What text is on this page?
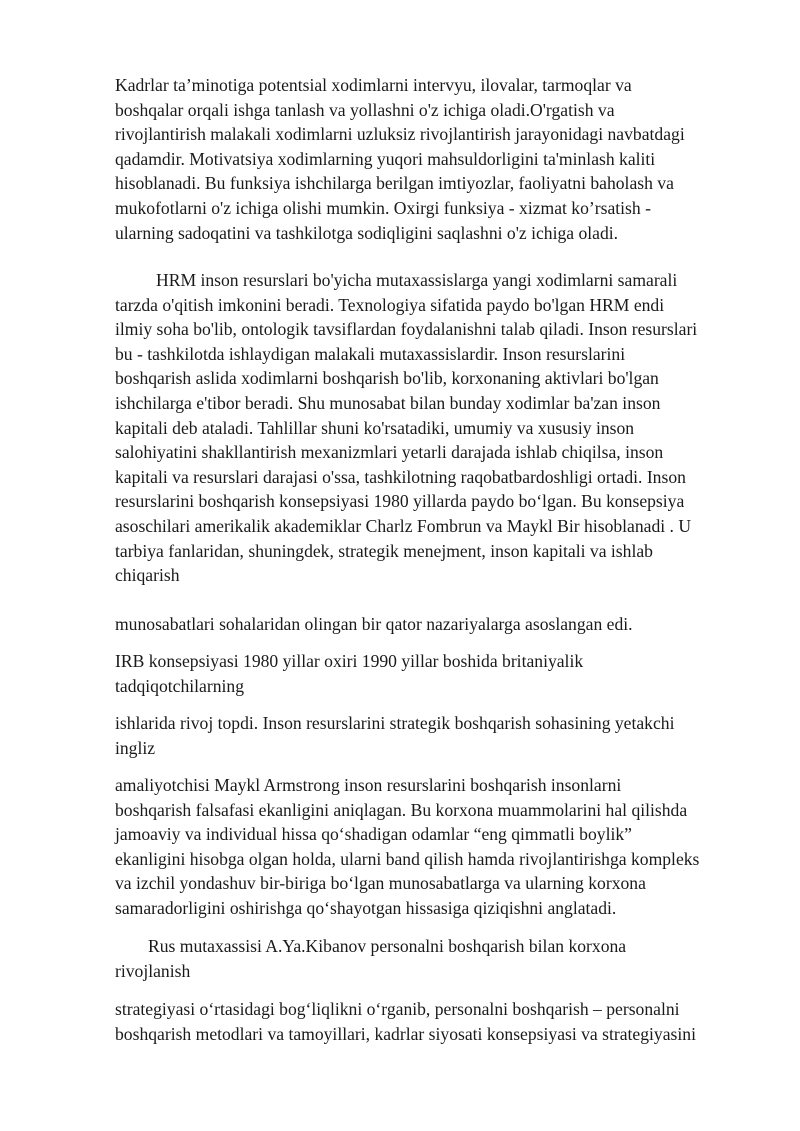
Kadrlar ta’minotiga potentsial xodimlarni intervyu, ilovalar, tarmoqlar va
boshqalar orqali ishga tanlash va yollashni o'z ichiga oladi.O'rgatish va
rivojlantirish malakali xodimlarni uzluksiz rivojlantirish jarayonidagi navbatdagi
qadamdir. Motivatsiya xodimlarning yuqori mahsuldorligini ta'minlash kaliti
hisoblanadi. Bu funksiya ishchilarga berilgan imtiyozlar, faoliyatni baholash va
mukofotlarni o'z ichiga olishi mumkin. Oxirgi funksiya - xizmat ko’rsatish -
ularning sadoqatini va tashkilotga sodiqligini saqlashni o'z ichiga oladi.
HRM inson resurslari bo'yicha mutaxassislarga yangi xodimlarni samarali
tarzda o'qitish imkonini beradi. Texnologiya sifatida paydo bo'lgan HRM endi
ilmiy soha bo'lib, ontologik tavsiflardan foydalanishni talab qiladi. Inson resurslari
bu - tashkilotda ishlaydigan malakali mutaxassislardir. Inson resurslarini
boshqarish aslida xodimlarni boshqarish bo'lib, korxonaning aktivlari bo'lgan
ishchilarga e'tibor beradi. Shu munosabat bilan bunday xodimlar ba'zan inson
kapitali deb ataladi. Tahlillar shuni ko'rsatadiki, umumiy va xususiy inson
salohiyatini shakllantirish mexanizmlari yetarli darajada ishlab chiqilsa, inson
kapitali va resurslari darajasi o'ssa, tashkilotning raqobatbardoshligi ortadi. Inson
resurslarini boshqarish konsepsiyasi 1980 yillarda paydo bo‘lgan. Bu konsepsiya
asoschilari amerikalik akademiklar Charlz Fombrun va Maykl Bir hisoblanadi . U
tarbiya fanlaridan, shuningdek, strategik menejment, inson kapitali va ishlab
chiqarish
munosabatlari sohalaridan olingan bir qator nazariyalarga asoslangan edi.
IRB konsepsiyasi 1980 yillar oxiri 1990 yillar boshida britaniyalik
tadqiqotchilarning
ishlarida rivoj topdi. Inson resurslarini strategik boshqarish sohasining yetakchi
ingliz
amaliyotchisi Maykl Armstrong inson resurslarini boshqarish insonlarni
boshqarish falsafasi ekanligini aniqlagan. Bu korxona muammolarini hal qilishda
jamoaviy va individual hissa qo‘shadigan odamlar “eng qimmatli boylik”
ekanligini hisobga olgan holda, ularni band qilish hamda rivojlantirishga kompleks
va izchil yondashuv bir-biriga bo‘lgan munosabatlarga va ularning korxona
samaradorligini oshirishga qo‘shayotgan hissasiga qiziqishni anglatadi.
Rus mutaxassisi A.Ya.Kibanov personalni boshqarish bilan korxona
rivojlanish
strategiyasi o‘rtasidagi bog‘liqlikni o‘rganib, personalni boshqarish – personalni
boshqarish metodlari va tamoyillari, kadrlar siyosati konsepsiyasi va strategiyasini
